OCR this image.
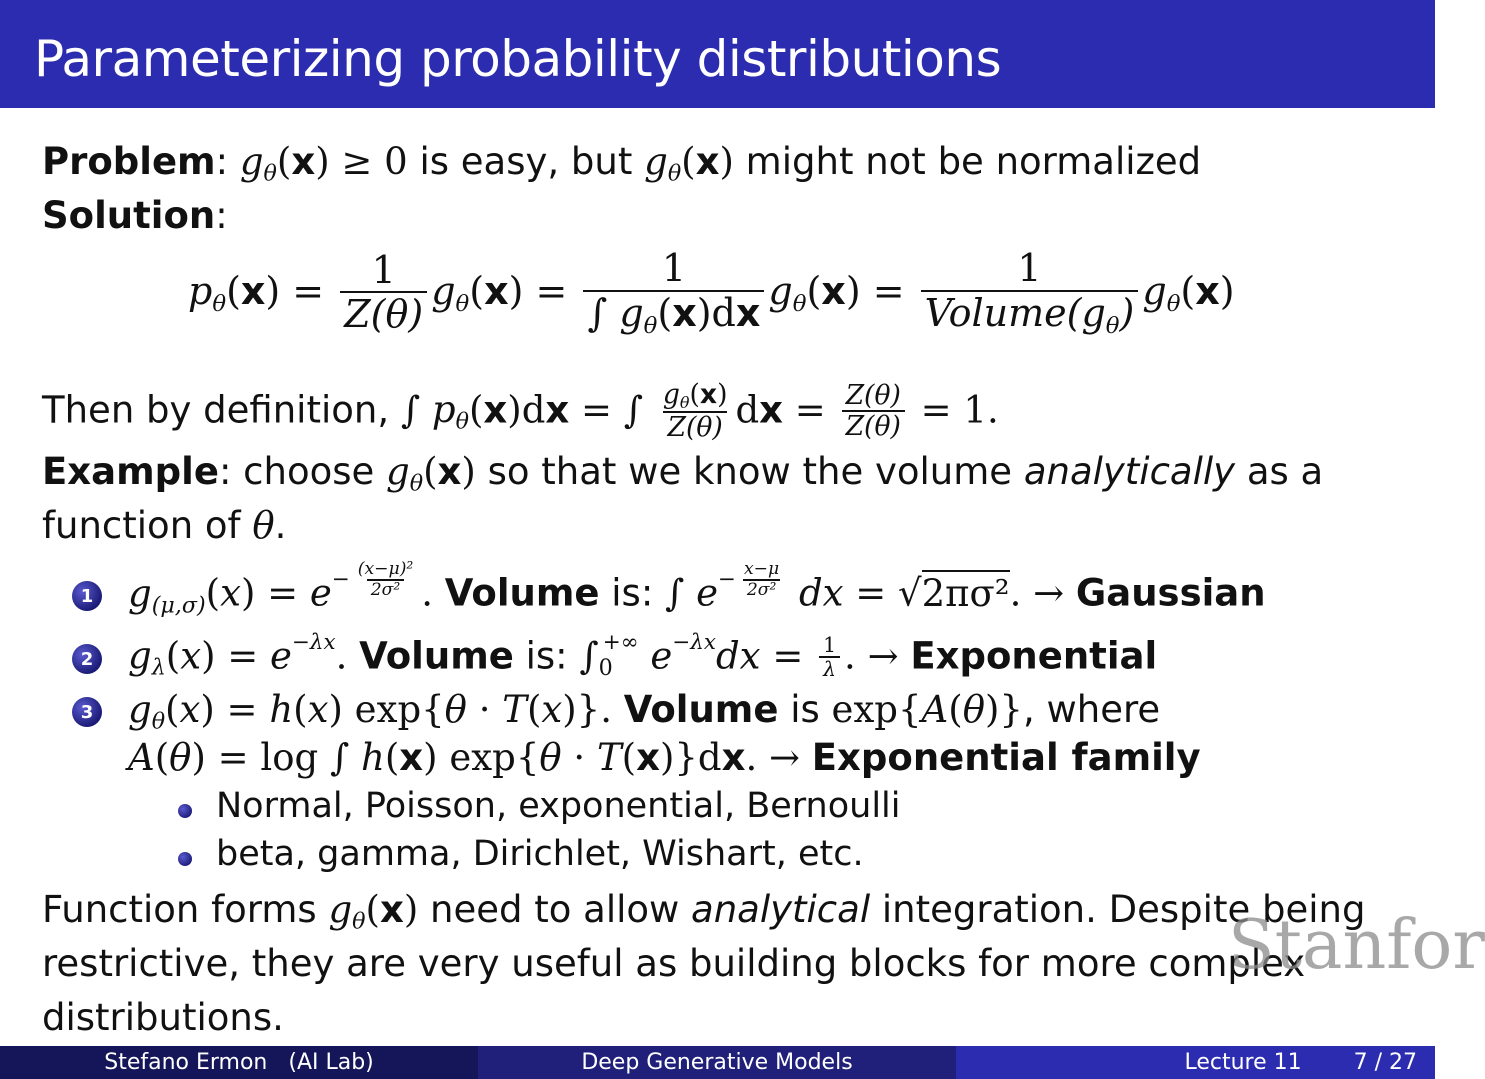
Parameterizing probability distributions
Problem: $g_\theta(x) \ge 0$ is easy, but $g_\theta(x)$ might not be normalized
Solution:
$p_\theta(x) = \frac{1}{Z(\theta)} g_\theta(x) = \frac{1}{\int g_\theta(x)dx} g_\theta(x) = \frac{1}{Volume(g_\theta)} g_\theta(x)$
Then by definition, ∫ $p_\theta(x)dx$ = ∫ $\frac{g_\theta(x)}{Z(\theta)}$ dx = $\frac{Z(\theta)}{Z(\theta)} = 1$.
Example: choose $g_\theta(x)$ so that we know the volume analytically as a
function of θ.
1 $g_{(\mu,\sigma)}(x) = e^{- \frac{\text{(x−μ)²}}{\text{2σ²}}}$ . Volume is: ∫ $e^{- \frac{x-\mu}{\text{2σ²}}}$ dx = √2πσ². → Gaussian
2 $g_\lambda(x) = e^{-\lambda x}$. Volume is: $\int_0^{+\infty}$ $e^{-\lambda x}dx = \frac{1}{\lambda}$ . → Exponential
3 $g_\theta(x) = h(x) \exp\{\theta \cdot T(x)\}$. Volume is exp{A(θ)}, where
A(θ) = log ∫ h(x) exp{θ · T(x)}dx. → Exponential family
Normal, Poisson, exponential, Bernoulli
beta, gamma, Dirichlet, Wishart, etc.
Function forms $g_\theta(x)$ need to allow analytical integration. Despite being
restrictive, they are very useful as building blocks for more complex
distributions.
Stanfor
Stefano Ermon   (AI Lab)	Deep Generative Models	Lecture 11 7 / 27
